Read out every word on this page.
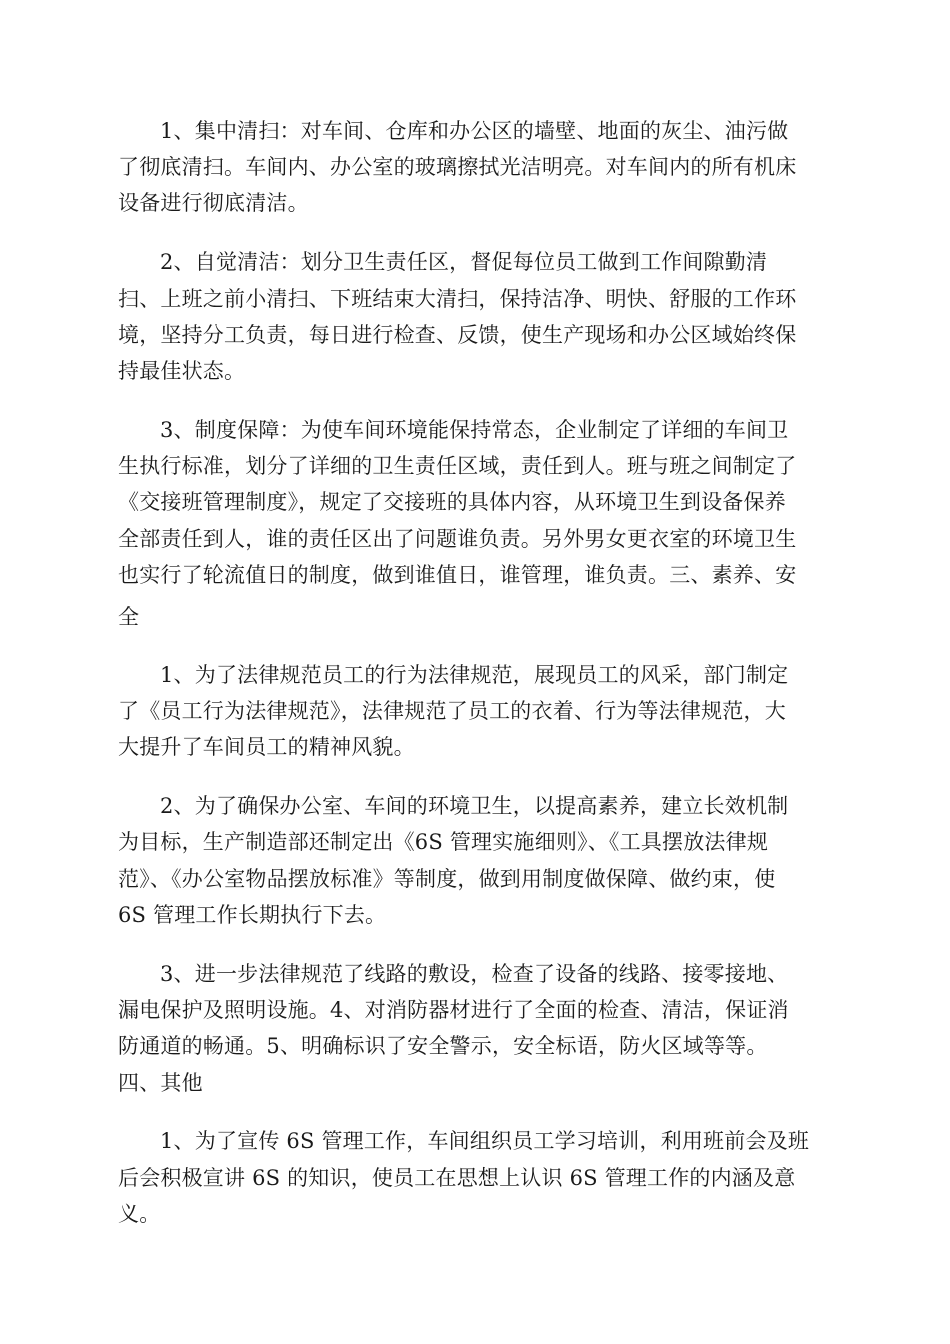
1、集中清扫：对车间、仓库和办公区的墙壁、地面的灰尘、油污做
了彻底清扫。车间内、办公室的玻璃擦拭光洁明亮。对车间内的所有机床
设备进行彻底清洁。
2、自觉清洁：划分卫生责任区，督促每位员工做到工作间隙勤清
扫、上班之前小清扫、下班结束大清扫，保持洁净、明快、舒服的工作环
境，坚持分工负责，每日进行检查、反馈，使生产现场和办公区域始终保
持最佳状态。
3、制度保障：为使车间环境能保持常态，企业制定了详细的车间卫
生执行标准，划分了详细的卫生责任区域，责任到人。班与班之间制定了
《交接班管理制度》，规定了交接班的具体内容，从环境卫生到设备保养
全部责任到人，谁的责任区出了问题谁负责。另外男女更衣室的环境卫生
也实行了轮流值日的制度，做到谁值日，谁管理，谁负责。三、素养、安
全
1、为了法律规范员工的行为法律规范，展现员工的风采，部门制定
了《员工行为法律规范》，法律规范了员工的衣着、行为等法律规范，大
大提升了车间员工的精神风貌。
2、为了确保办公室、车间的环境卫生，以提高素养，建立长效机制
为目标，生产制造部还制定出《6S 管理实施细则》、《工具摆放法律规
范》、《办公室物品摆放标准》等制度，做到用制度做保障、做约束，使
6S 管理工作长期执行下去。
3、进一步法律规范了线路的敷设，检查了设备的线路、接零接地、
漏电保护及照明设施。4、对消防器材进行了全面的检查、清洁，保证消
防通道的畅通。5、明确标识了安全警示，安全标语，防火区域等等。
四、其他
1、为了宣传 6S 管理工作，车间组织员工学习培训，利用班前会及班
后会积极宣讲 6S 的知识，使员工在思想上认识 6S 管理工作的内涵及意
义。
